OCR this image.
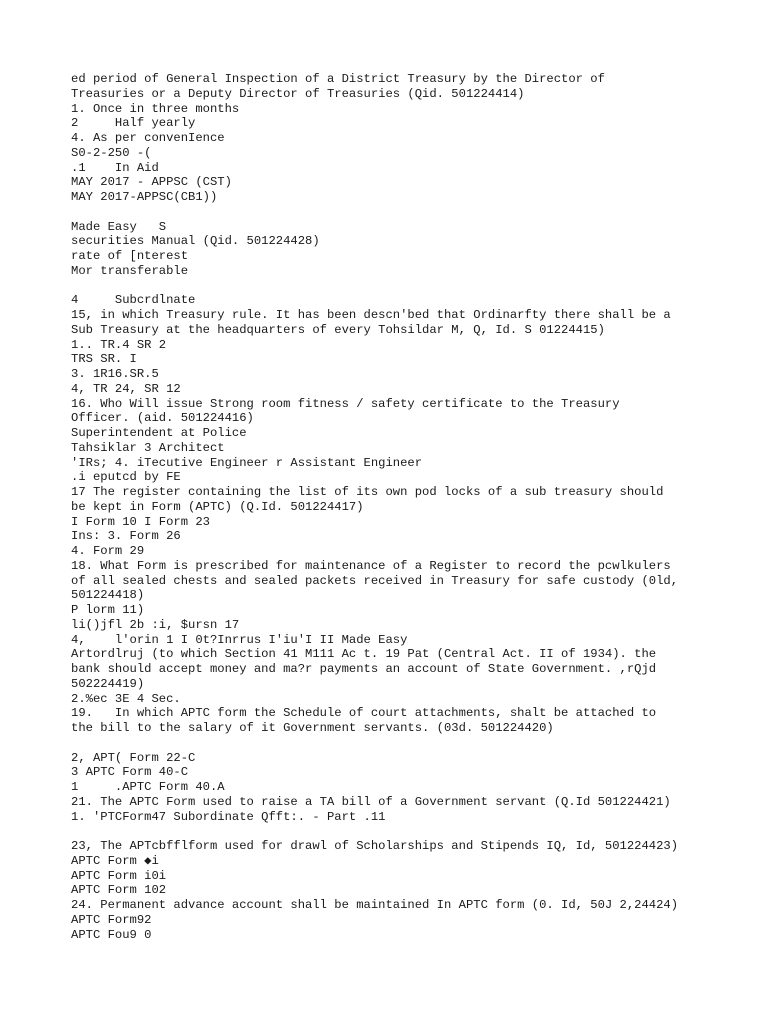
ed period of General Inspection of a District Treasury by the Director of
Treasuries or a Deputy Director of Treasuries (Qid. 501224414)
1. Once in three months
2     Half yearly
4. As per convenIence
S0-2-250 -(
.1    In Aid
MAY 2017 - APPSC (CST)
MAY 2017-APPSC(CB1))
Made Easy   S
securities Manual (Qid. 501224428)
rate of [nterest
Mor transferable
4     Subcrdlnate
15, in which Treasury rule. It has been descn'bed that Ordinarfty there shall be a
Sub Treasury at the headquarters of every Tohsildar M, Q, Id. S 01224415)
1.. TR.4 SR 2
TRS SR. I
3. 1R16.SR.5
4, TR 24, SR 12
16. Who Will issue Strong room fitness / safety certificate to the Treasury
Officer. (aid. 501224416)
Superintendent at Police
Tahsiklar 3 Architect
'IRs; 4. iTecutive Engineer r Assistant Engineer
.i eputcd by FE
17 The register containing the list of its own pod locks of a sub treasury should
be kept in Form (APTC) (Q.Id. 501224417)
I Form 10 I Form 23
Ins: 3. Form 26
4. Form 29
18. What Form is prescribed for maintenance of a Register to record the pcwlkulers
of all sealed chests and sealed packets received in Treasury for safe custody (0ld,
501224418)
P lorm 11)
li()jfl 2b :i, $ursn 17
4,    l'orin 1 I 0t?Inrrus I'iu'I II Made Easy
Artordlruj (to which Section 41 M111 Ac t. 19 Pat (Central Act. II of 1934). the
bank should accept money and ma?r payments an account of State Government. ,rQjd
502224419)
2.%ec 3E 4 Sec.
19.   In which APTC form the Schedule of court attachments, shalt be attached to
the bill to the salary of it Government servants. (03d. 501224420)
2, APT( Form 22-C
3 APTC Form 40-C
1     .APTC Form 40.A
21. The APTC Form used to raise a TA bill of a Government servant (Q.Id 501224421)
1. 'PTCForm47 Subordinate Qfft:. - Part .11
23, The APTcbfflform used for drawl of Scholarships and Stipends IQ, Id, 501224423)
APTC Form ◆i
APTC Form i0i
APTC Form 102
24. Permanent advance account shall be maintained In APTC form (0. Id, 50J 2,24424)
APTC Form92
APTC Fou9 0
